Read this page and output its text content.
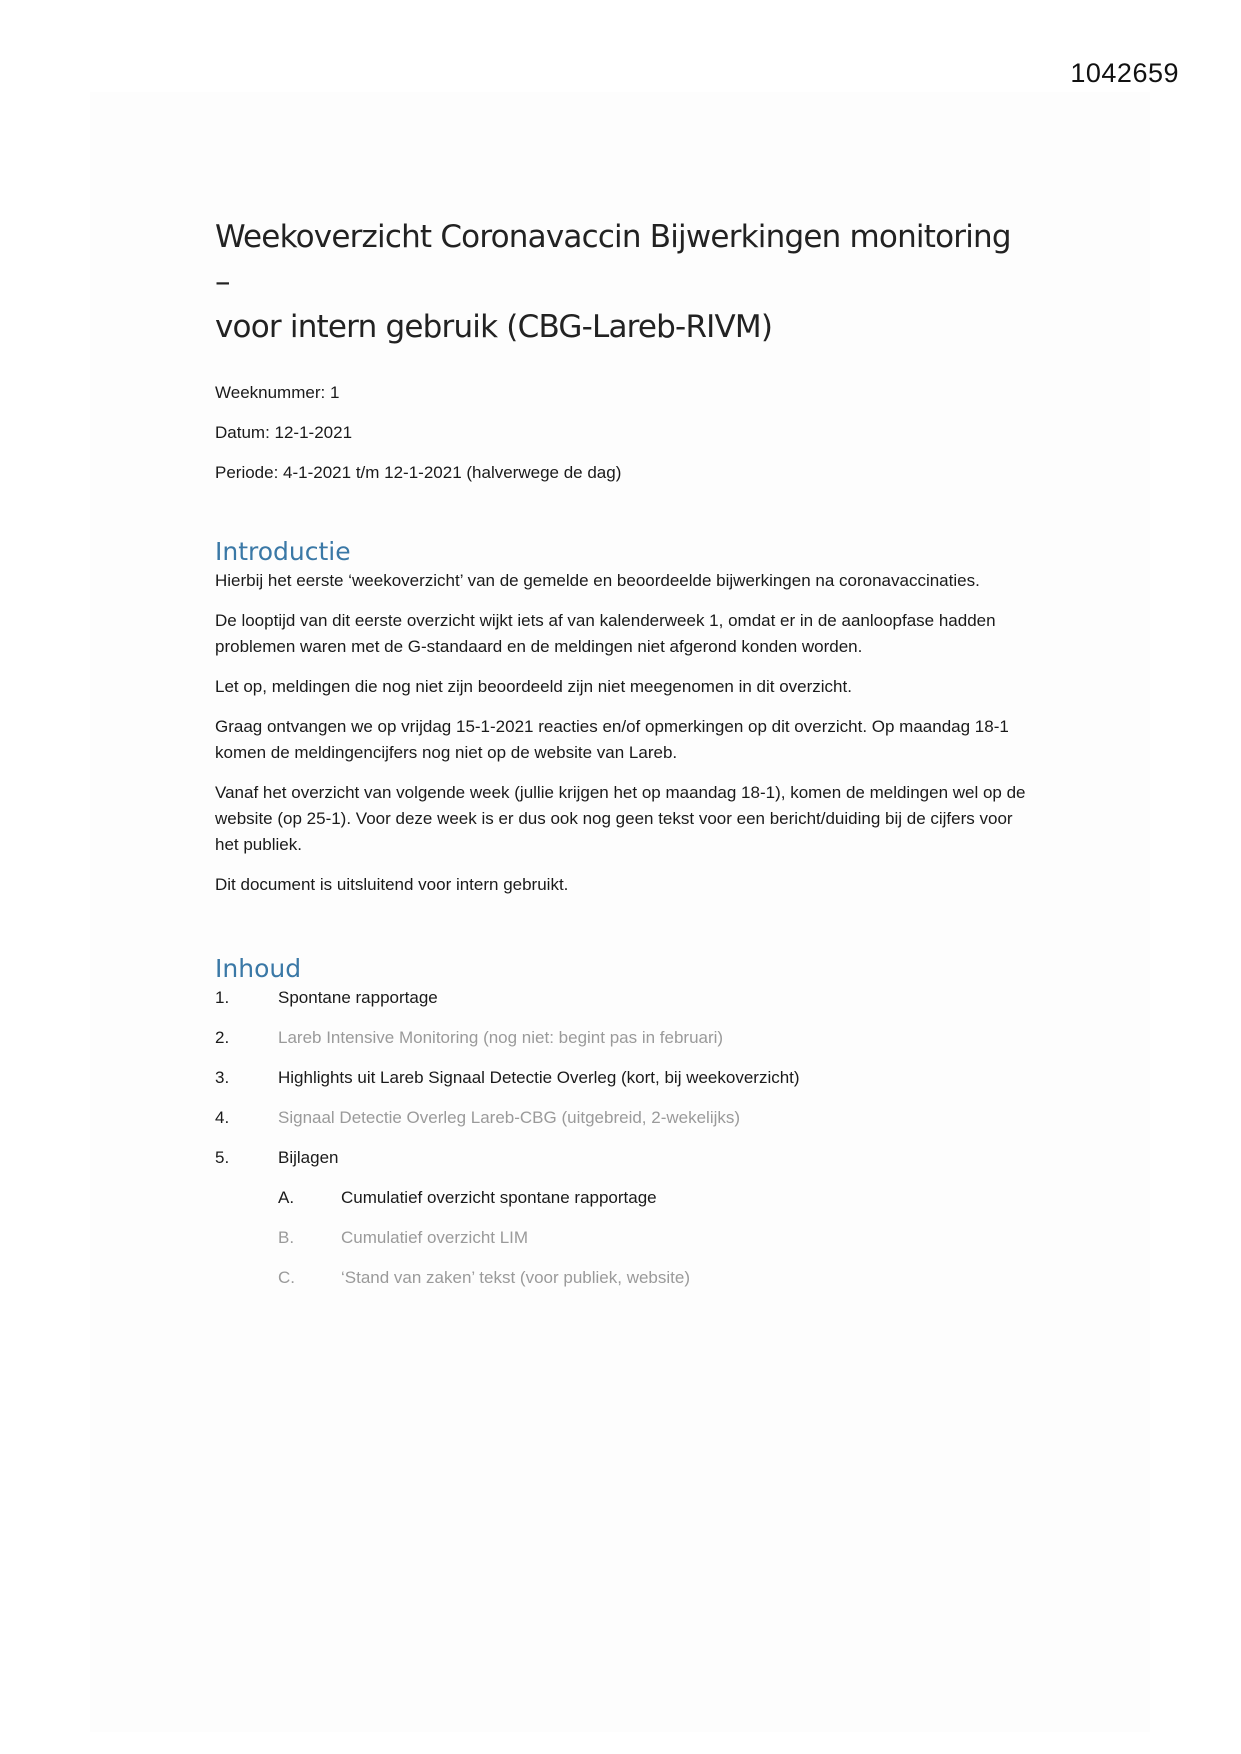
1042659
Weekoverzicht Coronavaccin Bijwerkingen monitoring –
voor intern gebruik (CBG-Lareb-RIVM)

Weeknummer: 1

Datum: 12-1-2021

Periode: 4-1-2021 t/m 12-1-2021 (halverwege de dag)

Introductie

Hierbij het eerste ‘weekoverzicht’ van de gemelde en beoordeelde bijwerkingen na coronavaccinaties.

De looptijd van dit eerste overzicht wijkt iets af van kalenderweek 1, omdat er in de aanloopfase hadden problemen waren met de G-standaard en de meldingen niet afgerond konden worden.

Let op, meldingen die nog niet zijn beoordeeld zijn niet meegenomen in dit overzicht.

Graag ontvangen we op vrijdag 15-1-2021 reacties en/of opmerkingen op dit overzicht. Op maandag 18-1 komen de meldingencijfers nog niet op de website van Lareb.

Vanaf het overzicht van volgende week (jullie krijgen het op maandag 18-1), komen de meldingen wel op de website (op 25-1). Voor deze week is er dus ook nog geen tekst voor een bericht/duiding bij de cijfers voor het publiek.

Dit document is uitsluitend voor intern gebruikt.

Inhoud
1.	Spontane rapportage
2.	Lareb Intensive Monitoring (nog niet: begint pas in februari)
3.	Highlights uit Lareb Signaal Detectie Overleg (kort, bij weekoverzicht)
4.	Signaal Detectie Overleg Lareb-CBG (uitgebreid, 2-wekelijks)
5.	Bijlagen
A.	Cumulatief overzicht spontane rapportage
B.	Cumulatief overzicht LIM
C.	‘Stand van zaken’ tekst (voor publiek, website)
